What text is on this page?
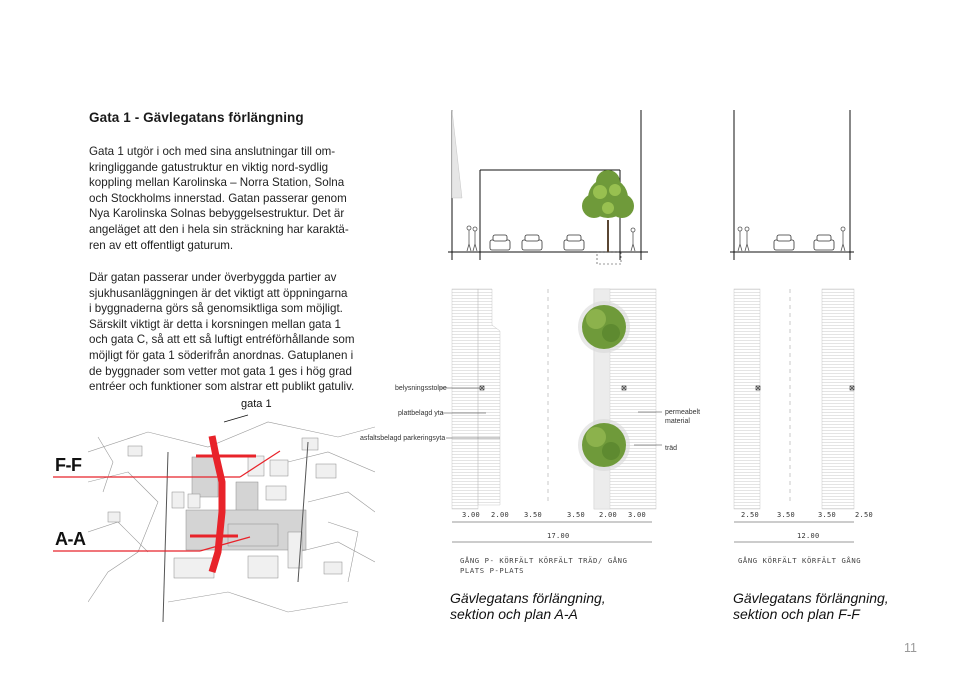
Gata 1 - Gävlegatans förlängning
Gata 1 utgör i och med sina anslutningar till om-
kringliggande gatustruktur en viktig nord-sydlig
koppling mellan Karolinska – Norra Station, Solna
och Stockholms innerstad. Gatan passerar genom
Nya Karolinska Solnas bebyggelsestruktur. Det är
angeläget att den i hela sin sträckning har karaktä-
ren av ett offentligt gaturum.
Där gatan passerar under överbyggda partier av
sjukhusanläggningen är det viktigt att öppningarna
i byggnaderna görs så genomsiktliga som möjligt.
Särskilt viktigt är detta i korsningen mellan gata 1
och gata C, så att ett så luftigt entréförhållande som
möjligt för gata 1 söderifrån anordnas. Gatuplanen i
de byggnader som vetter mot gata 1 ges i hög grad
entréer och funktioner som alstrar ett publikt gatuliv.
gata 1
F-F
A-A
belysningsstolpe
plattbelagd yta
asfaltsbelagd parkeringsyta
permeabelt
material
träd
3.00 2.00 3.50	3.50 2.00 3.00
17.00
2.50	3.50	3.50	2.50
12.00
GÅNG P- KÖRFÄLT KÖRFÄLT TRÄD/ GÅNG
PLATS P-PLATS
GÅNG KÖRFÄLT KÖRFÄLT GÅNG
Gävlegatans förlängning,
sektion och plan A-A
Gävlegatans förlängning,
sektion och plan F-F
11
